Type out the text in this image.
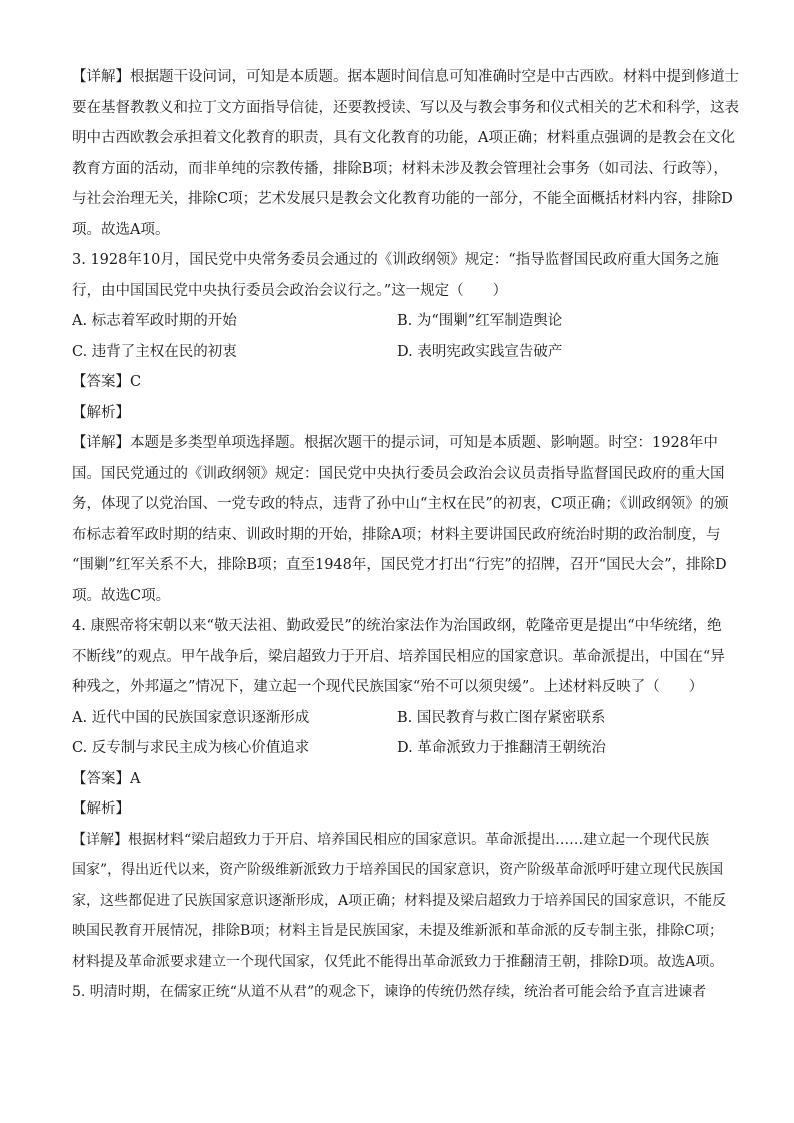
【详解】根据题干设问词，可知是本质题。据本题时间信息可知准确时空是中古西欧。材料中提到修道士
要在基督教教义和拉丁文方面指导信徒，还要教授读、写以及与教会事务和仪式相关的艺术和科学，这表
明中古西欧教会承担着文化教育的职责，具有文化教育的功能，A项正确；材料重点强调的是教会在文化
教育方面的活动，而非单纯的宗教传播，排除B项；材料未涉及教会管理社会事务（如司法、行政等），
与社会治理无关，排除C项；艺术发展只是教会文化教育功能的一部分，不能全面概括材料内容，排除D
项。故选A项。
3. 1928年10月，国民党中央常务委员会通过的《训政纲领》规定：“指导监督国民政府重大国务之施
行，由中国国民党中央执行委员会政治会议行之。”这一规定（　　）
A. 标志着军政时期的开始	B. 为“围剿”红军制造舆论
C. 违背了主权在民的初衷	D. 表明宪政实践宣告破产
【答案】C
【解析】
【详解】本题是多类型单项选择题。根据次题干的提示词，可知是本质题、影响题。时空：1928年中
国。国民党通过的《训政纲领》规定：国民党中央执行委员会政治会议员责指导监督国民政府的重大国
务，体现了以党治国、一党专政的特点，违背了孙中山“主权在民”的初衷，C项正确；《训政纲领》的颁
布标志着军政时期的结束、训政时期的开始，排除A项；材料主要讲国民政府统治时期的政治制度，与
“围剿”红军关系不大，排除B项；直至1948年，国民党才打出“行宪”的招牌，召开“国民大会”，排除D
项。故选C项。
4. 康熙帝将宋朝以来“敬天法祖、勤政爱民”的统治家法作为治国政纲，乾隆帝更是提出“中华统绪，绝
不断线”的观点。甲午战争后，梁启超致力于开启、培养国民相应的国家意识。革命派提出，中国在“异
种残之，外邦逼之”情况下，建立起一个现代民族国家“殆不可以须臾缓”。上述材料反映了（　　）
A. 近代中国的民族国家意识逐渐形成	B. 国民教育与救亡图存紧密联系
C. 反专制与求民主成为核心价值追求	D. 革命派致力于推翻清王朝统治
【答案】A
【解析】
【详解】根据材料“梁启超致力于开启、培养国民相应的国家意识。革命派提出……建立起一个现代民族
国家”，得出近代以来，资产阶级维新派致力于培养国民的国家意识，资产阶级革命派呼吁建立现代民族国
家，这些都促进了民族国家意识逐渐形成，A项正确；材料提及梁启超致力于培养国民的国家意识，不能反
映国民教育开展情况，排除B项；材料主旨是民族国家，未提及维新派和革命派的反专制主张，排除C项；
材料提及革命派要求建立一个现代国家，仅凭此不能得出革命派致力于推翻清王朝，排除D项。故选A项。
5. 明清时期，在儒家正统“从道不从君”的观念下，谏诤的传统仍然存续，统治者可能会给予直言进谏者
